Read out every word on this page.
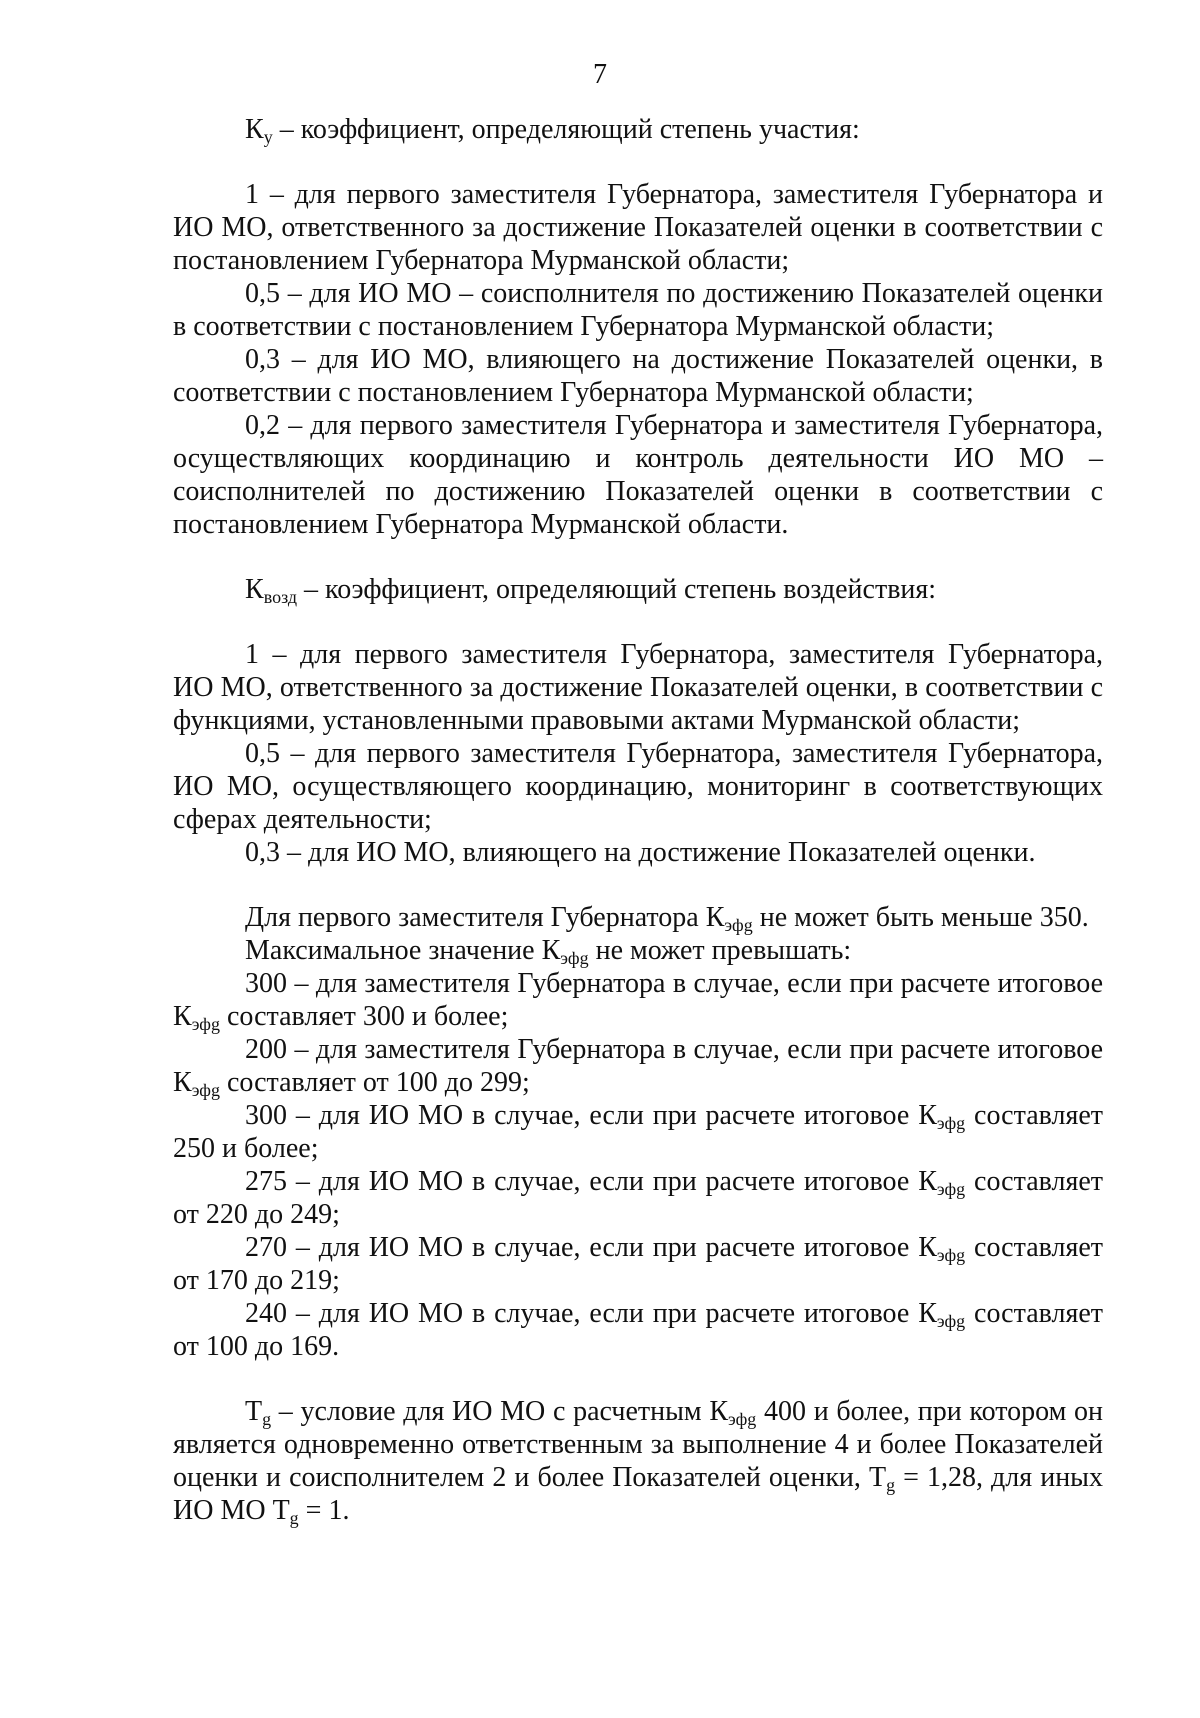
7

$К_у$ – коэффициент, определяющий степень участия:

1 – для первого заместителя Губернатора, заместителя Губернатора и ИО МО, ответственного за достижение Показателей оценки в соответствии с постановлением Губернатора Мурманской области;

0,5 – для ИО МО – соисполнителя по достижению Показателей оценки в соответствии с постановлением Губернатора Мурманской области;

0,3 – для ИО МО, влияющего на достижение Показателей оценки, в соответствии с постановлением Губернатора Мурманской области;

0,2 – для первого заместителя Губернатора и заместителя Губернатора, осуществляющих координацию и контроль деятельности ИО МО – соисполнителей по достижению Показателей оценки в соответствии с постановлением Губернатора Мурманской области.

$К_{возд}$ – коэффициент, определяющий степень воздействия:

1 – для первого заместителя Губернатора, заместителя Губернатора, ИО МО, ответственного за достижение Показателей оценки, в соответствии с функциями, установленными правовыми актами Мурманской области;

0,5 – для первого заместителя Губернатора, заместителя Губернатора, ИО МО, осуществляющего координацию, мониторинг в соответствующих сферах деятельности;

0,3 – для ИО МО, влияющего на достижение Показателей оценки.

Для первого заместителя Губернатора $К_{эфg}$ не может быть меньше 350.

Максимальное значение $К_{эфg}$ не может превышать:

300 – для заместителя Губернатора в случае, если при расчете итоговое $К_{эфg}$ составляет 300 и более;

200 – для заместителя Губернатора в случае, если при расчете итоговое $К_{эфg}$ составляет от 100 до 299;

300 – для ИО МО в случае, если при расчете итоговое $К_{эфg}$ составляет 250 и более;

275 – для ИО МО в случае, если при расчете итоговое $К_{эфg}$ составляет от 220 до 249;

270 – для ИО МО в случае, если при расчете итоговое $К_{эфg}$ составляет от 170 до 219;

240 – для ИО МО в случае, если при расчете итоговое $К_{эфg}$ составляет от 100 до 169.

$Т_g$ – условие для ИО МО с расчетным $К_{эфg}$ 400 и более, при котором он является одновременно ответственным за выполнение 4 и более Показателей оценки и соисполнителем 2 и более Показателей оценки, $Т_g = 1,28$, для иных ИО МО $Т_g = 1$.
